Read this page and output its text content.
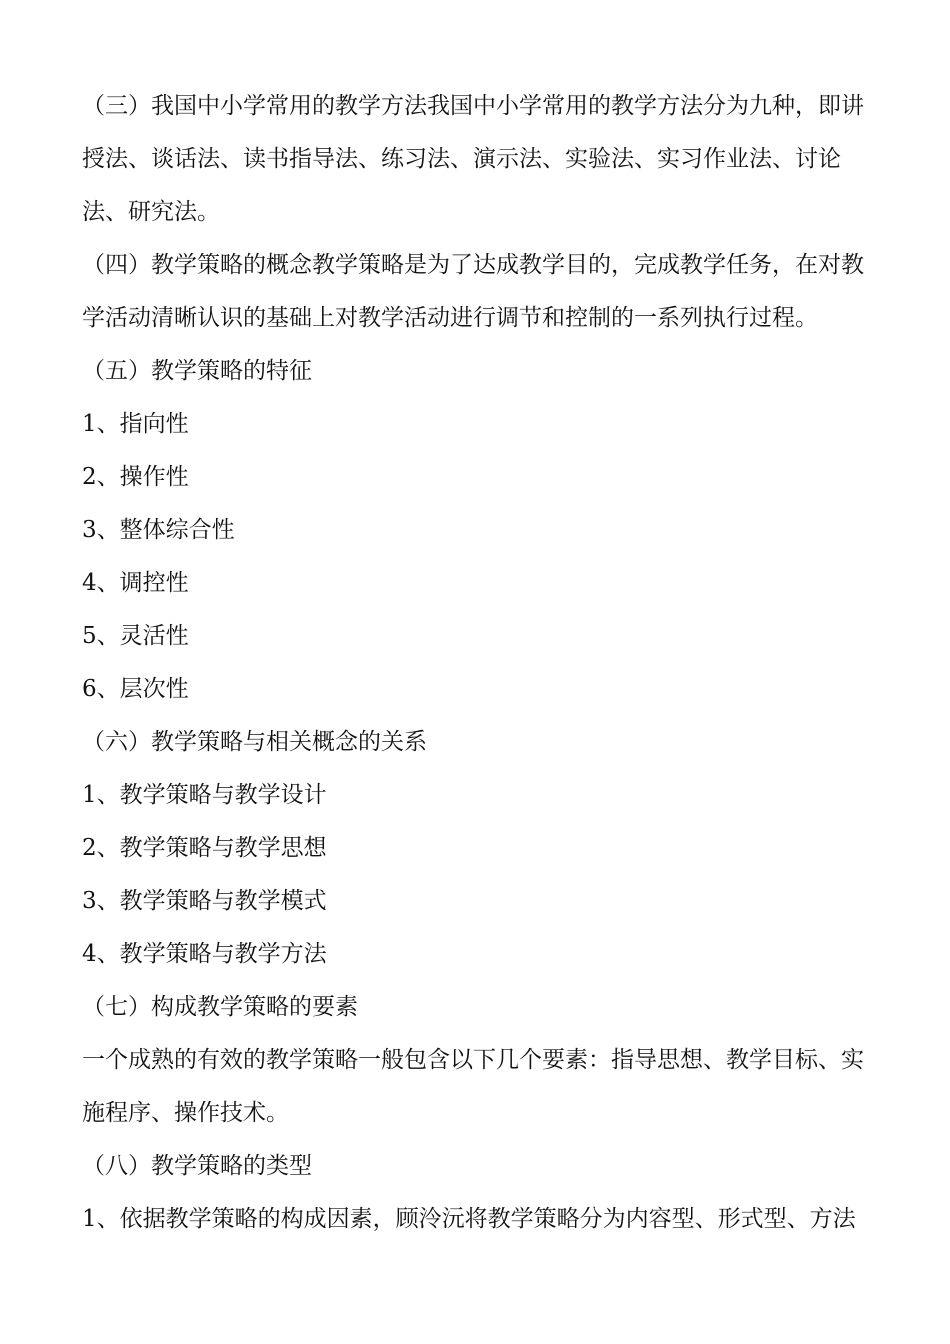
（三）我国中小学常用的教学方法我国中小学常用的教学方法分为九种，即讲授法、谈话法、读书指导法、练习法、演示法、实验法、实习作业法、讨论法、研究法。

（四）教学策略的概念教学策略是为了达成教学目的，完成教学任务，在对教学活动清晰认识的基础上对教学活动进行调节和控制的一系列执行过程。

（五）教学策略的特征

1、指向性

2、操作性

3、整体综合性

4、调控性

5、灵活性

6、层次性

（六）教学策略与相关概念的关系

1、教学策略与教学设计

2、教学策略与教学思想

3、教学策略与教学模式

4、教学策略与教学方法

（七）构成教学策略的要素

一个成熟的有效的教学策略一般包含以下几个要素：指导思想、教学目标、实施程序、操作技术。

（八）教学策略的类型

1、依据教学策略的构成因素，顾泠沅将教学策略分为内容型、形式型、方法
